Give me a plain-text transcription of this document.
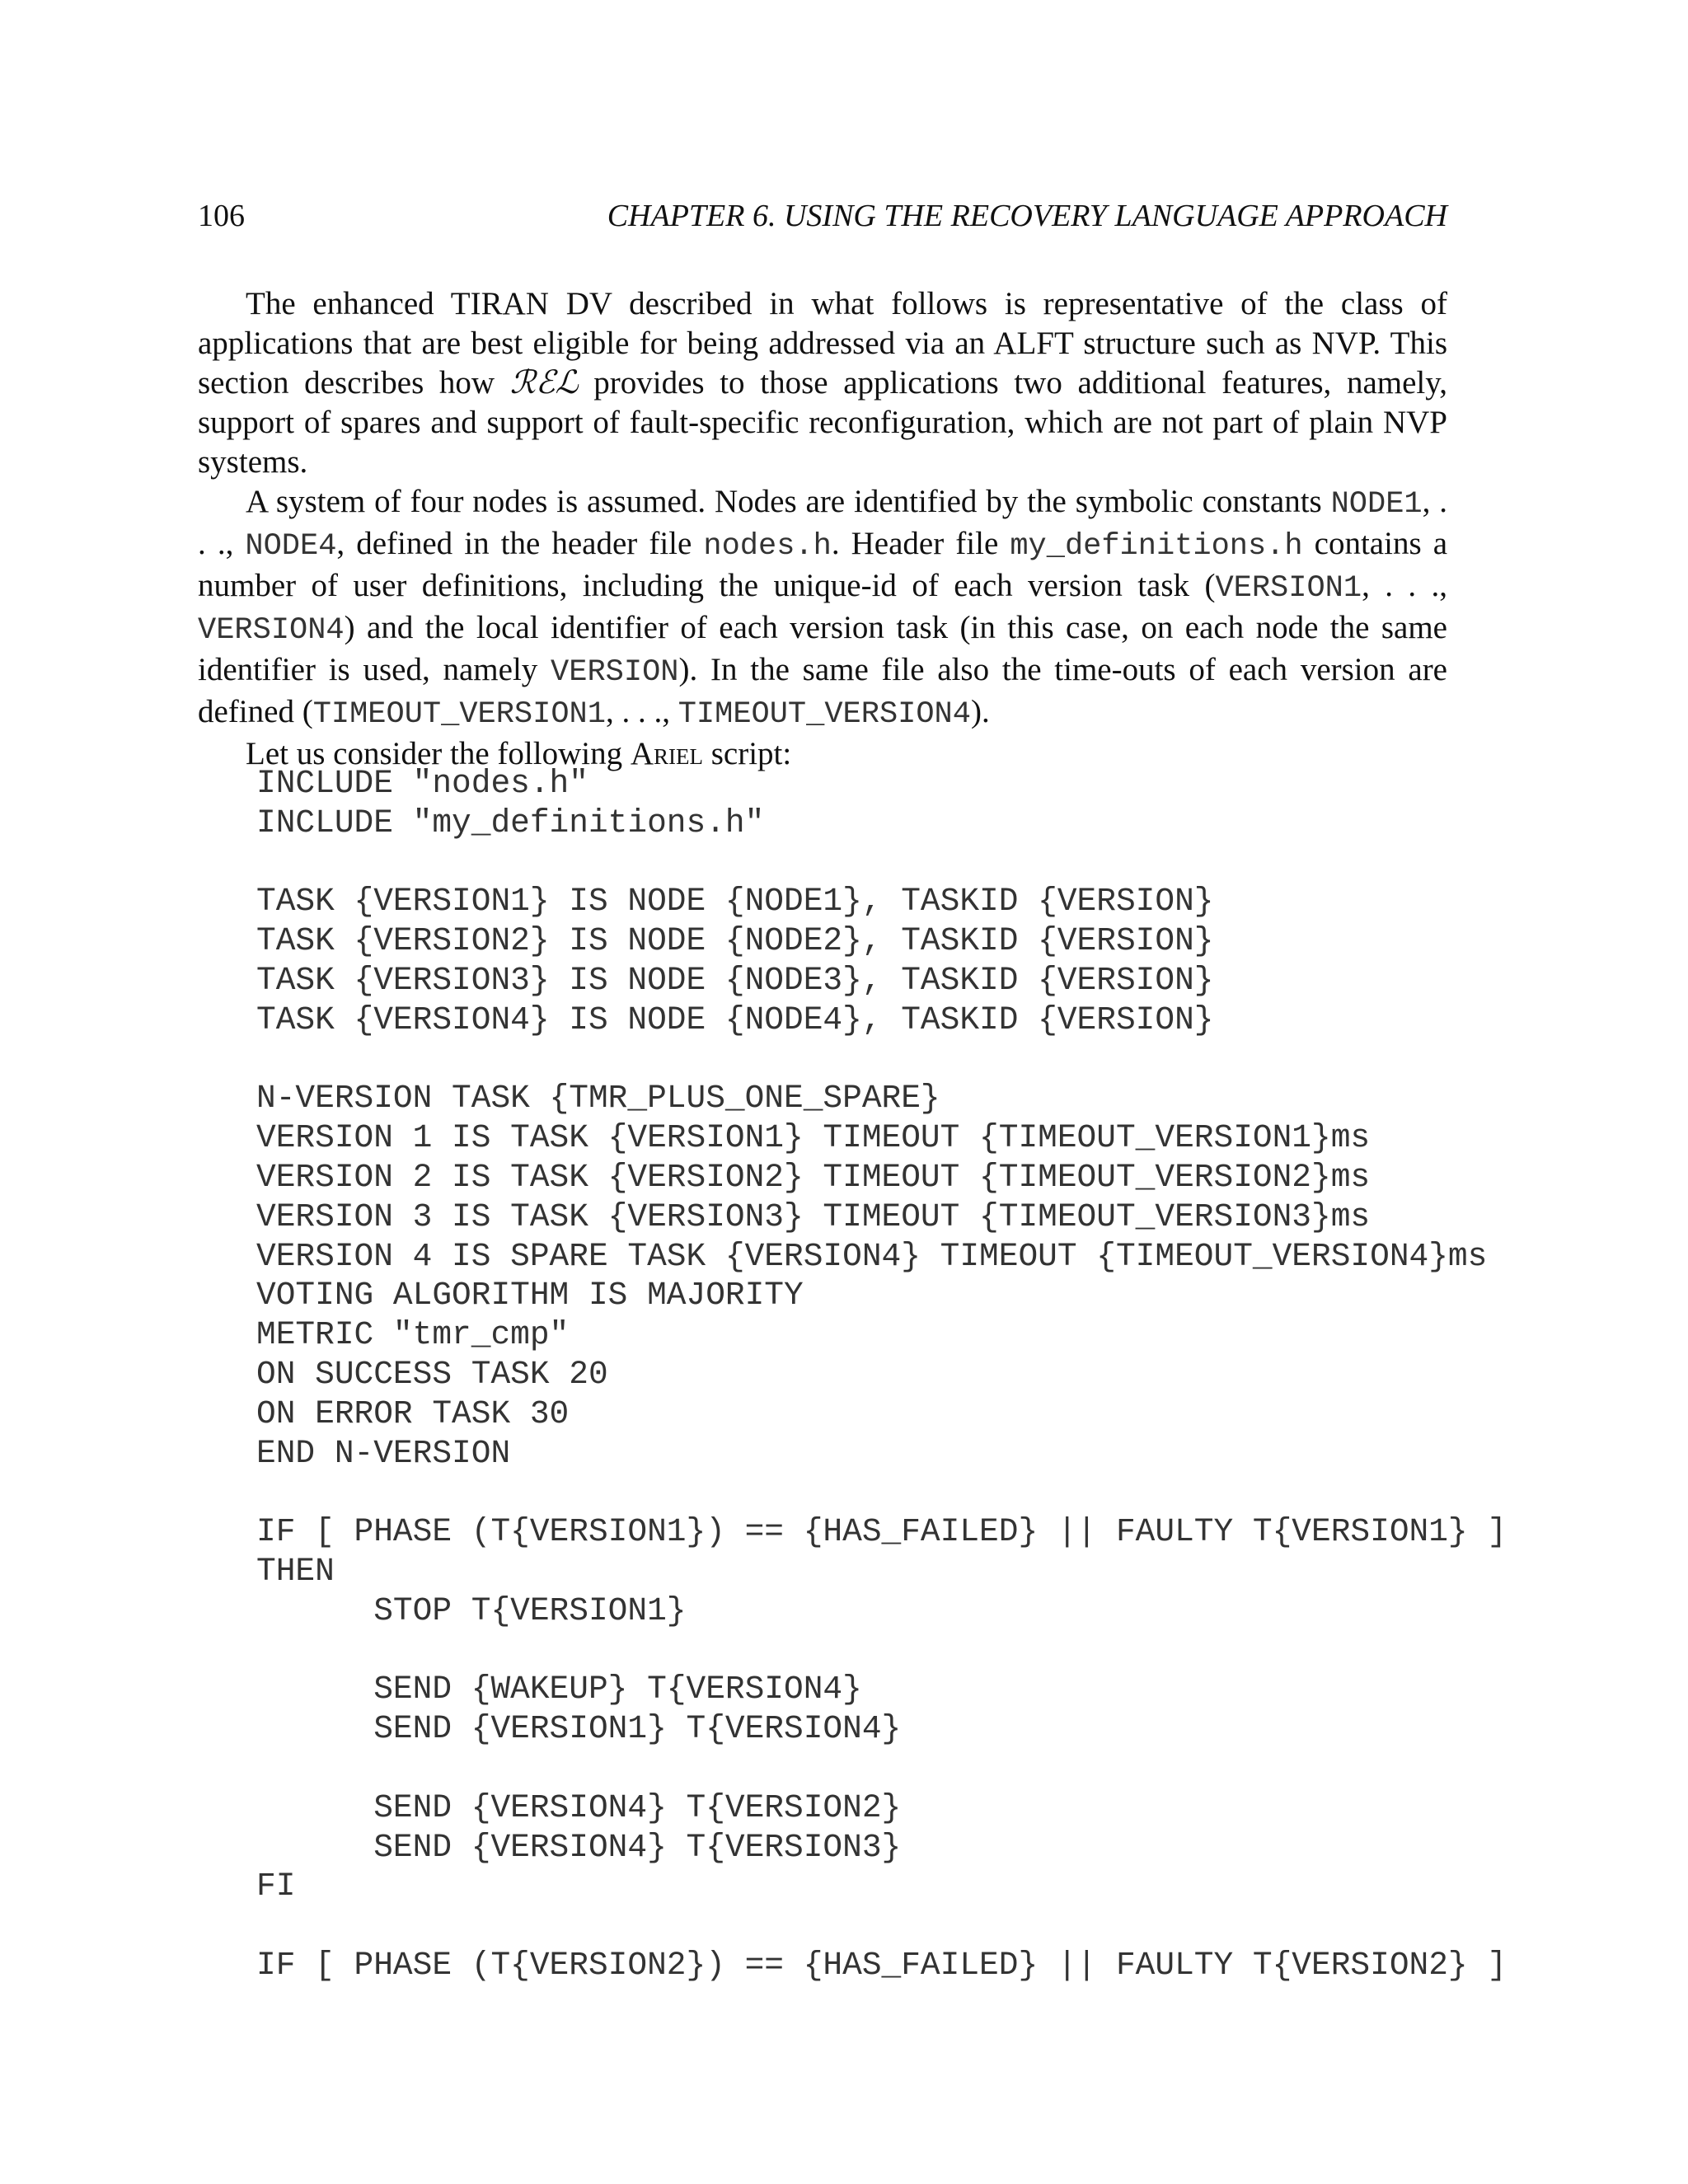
106	CHAPTER 6. USING THE RECOVERY LANGUAGE APPROACH

The enhanced TIRAN DV described in what follows is representative of the class of applications that are best eligible for being addressed via an ALFT structure such as NVP. This section describes how ℛℰℒ provides to those applications two additional features, namely, support of spares and support of fault-specific reconfiguration, which are not part of plain NVP systems.

A system of four nodes is assumed. Nodes are identified by the symbolic constants NODE1, . . ., NODE4, defined in the header file nodes.h. Header file my_definitions.h contains a number of user definitions, including the unique-id of each version task (VERSION1, . . ., VERSION4) and the local identifier of each version task (in this case, on each node the same identifier is used, namely VERSION). In the same file also the time-outs of each version are defined (TIMEOUT_VERSION1, . . ., TIMEOUT_VERSION4).

Let us consider the following Ariel script:

INCLUDE "nodes.h"
INCLUDE "my_definitions.h"
TASK {VERSION1} IS NODE {NODE1}, TASKID {VERSION}
TASK {VERSION2} IS NODE {NODE2}, TASKID {VERSION}
TASK {VERSION3} IS NODE {NODE3}, TASKID {VERSION}
TASK {VERSION4} IS NODE {NODE4}, TASKID {VERSION}
N-VERSION TASK {TMR_PLUS_ONE_SPARE}
VERSION 1 IS TASK {VERSION1} TIMEOUT {TIMEOUT_VERSION1}ms
VERSION 2 IS TASK {VERSION2} TIMEOUT {TIMEOUT_VERSION2}ms
VERSION 3 IS TASK {VERSION3} TIMEOUT {TIMEOUT_VERSION3}ms
VERSION 4 IS SPARE TASK {VERSION4} TIMEOUT {TIMEOUT_VERSION4}ms
VOTING ALGORITHM IS MAJORITY
METRIC "tmr_cmp"
ON SUCCESS TASK 20
ON ERROR TASK 30
END N-VERSION
IF [ PHASE (T{VERSION1}) == {HAS_FAILED} || FAULTY T{VERSION1} ]
THEN
STOP T{VERSION1}
SEND {WAKEUP} T{VERSION4}
SEND {VERSION1} T{VERSION4}
SEND {VERSION4} T{VERSION2}
SEND {VERSION4} T{VERSION3}
FI
IF [ PHASE (T{VERSION2}) == {HAS_FAILED} || FAULTY T{VERSION2} ]
